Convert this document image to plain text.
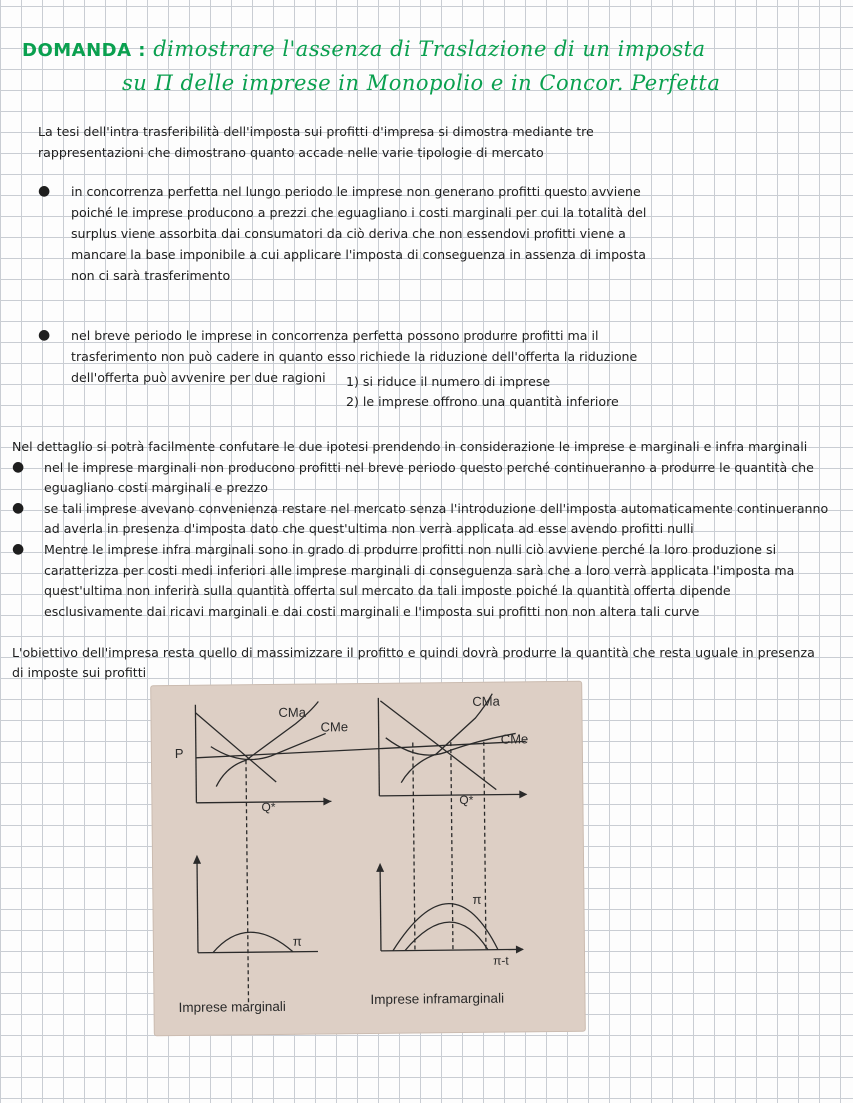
DOMANDA : dimostrare l'assenza di Traslazione di un imposta
su Π delle imprese in Monopolio e in Concor. Perfetta
La tesi dell'intra trasferibilità dell'imposta sui profitti d'impresa si dimostra mediante tre
rappresentazioni che dimostrano quanto accade nelle varie tipologie di mercato
● in concorrenza perfetta nel lungo periodo le imprese non generano profitti questo avviene
poiché le imprese producono a prezzi che eguagliano i costi marginali per cui la totalità del
surplus viene assorbita dai consumatori da ciò deriva che non essendovi profitti viene a
mancare la base imponibile a cui applicare l'imposta di conseguenza in assenza di imposta
non ci sarà trasferimento
● nel breve periodo le imprese in concorrenza perfetta possono produrre profitti ma il
trasferimento non può cadere in quanto esso richiede la riduzione dell'offerta la riduzione
dell'offerta può avvenire per due ragioni 1) si riduce il numero di imprese
2) le imprese offrono una quantità inferiore
Nel dettaglio si potrà facilmente confutare le due ipotesi prendendo in considerazione le imprese e marginali e infra marginali
● nel le imprese marginali non producono profitti nel breve periodo questo perché continueranno a produrre le quantità che
eguagliano costi marginali e prezzo
● se tali imprese avevano convenienza restare nel mercato senza l'introduzione dell'imposta automaticamente continueranno
ad averla in presenza d'imposta dato che quest'ultima non verrà applicata ad esse avendo profitti nulli
● Mentre le imprese infra marginali sono in grado di produrre profitti non nulli ciò avviene perché la loro produzione si
caratterizza per costi medi inferiori alle imprese marginali di conseguenza sarà che a loro verrà applicata l'imposta ma
quest'ultima non inferirà sulla quantità offerta sul mercato da tali imposte poiché la quantità offerta dipende
esclusivamente dai ricavi marginali e dai costi marginali e l'imposta sui profitti non non altera tali curve
L'obiettivo dell'impresa resta quello di massimizzare il profitto e quindi dovrà produrre la quantità che resta uguale in presenza
di imposte sui profitti
CMa
CMe
P
Q*
CMa
CMe
Q*
π
Imprese marginali
π
π-t
Imprese inframarginali
